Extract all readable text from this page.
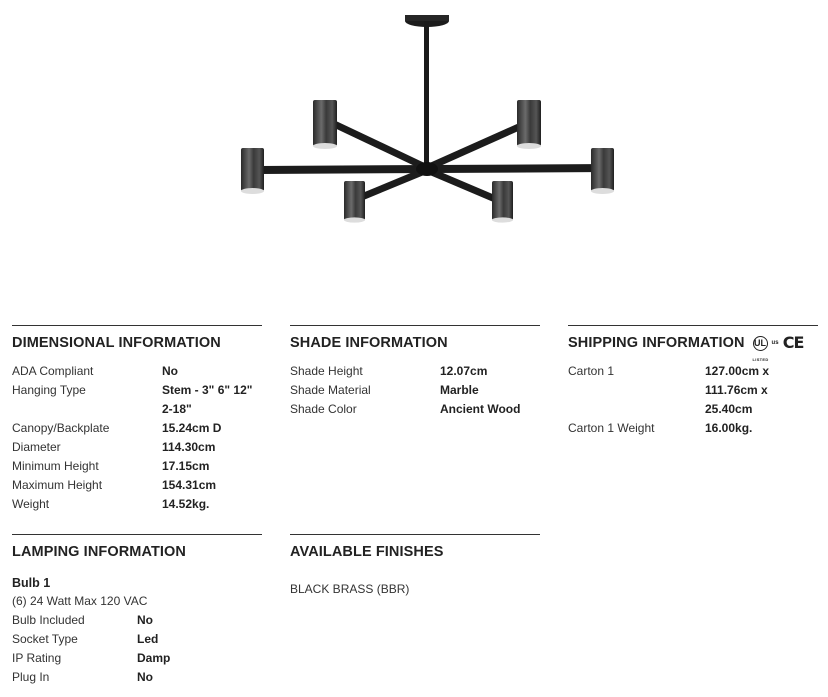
DIMENSIONAL INFORMATION
ADA Compliant	No
Hanging Type	Stem - 3" 6" 12" 2-18"
Canopy/Backplate	15.24cm D
Diameter	114.30cm
Minimum Height	17.15cm
Maximum Height	154.31cm
Weight	14.52kg.
SHADE INFORMATION
Shade Height	12.07cm
Shade Material	Marble
Shade Color	Ancient Wood
SHIPPING INFORMATION UL
LISTED
us CE
Carton 1	127.00cm x 111.76cm x 25.40cm
Carton 1 Weight	16.00kg.
LAMPING INFORMATION
Bulb 1
(6) 24 Watt Max 120 VAC
Bulb Included	No
Socket Type	Led
IP Rating	Damp
Plug In	No
AVAILABLE FINISHES
BLACK BRASS (BBR)
